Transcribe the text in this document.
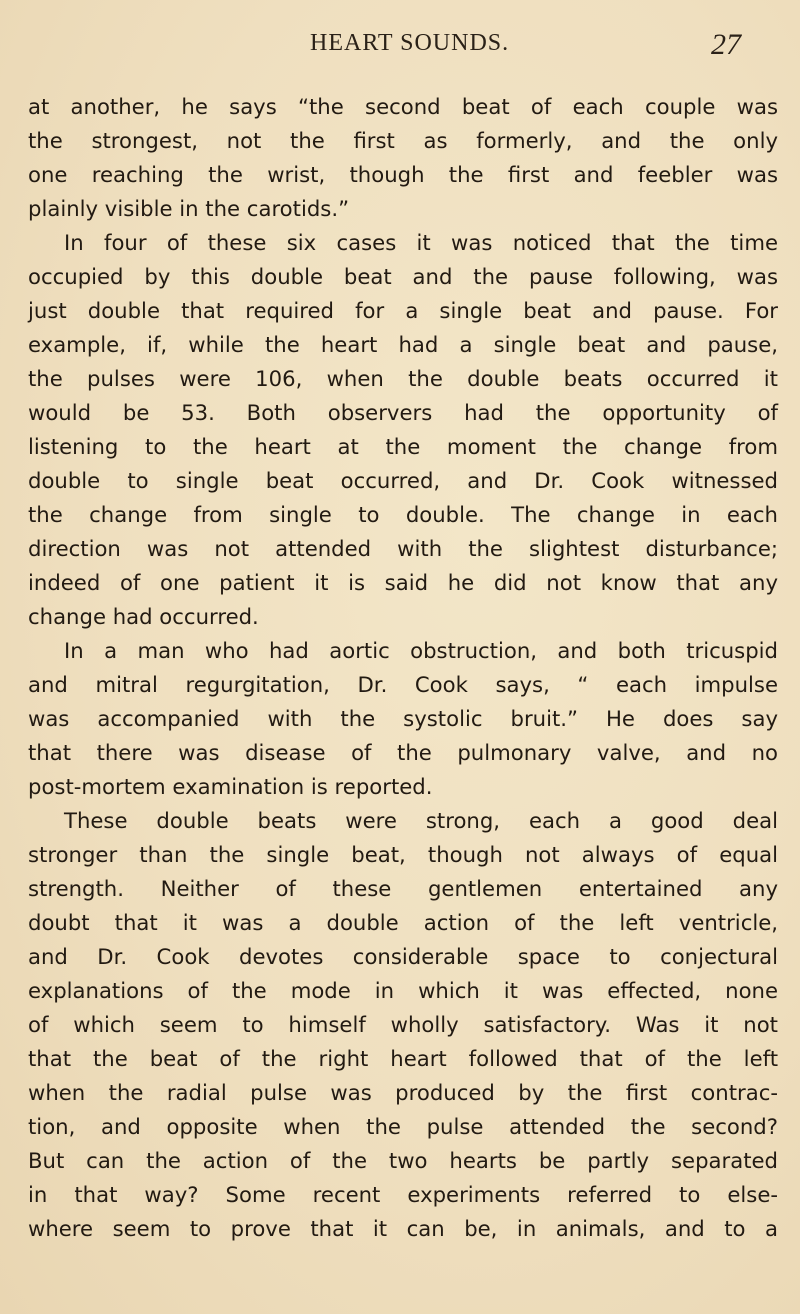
HEART SOUNDS.	27
at another, he says “the second beat of each couple was
the strongest, not the first as formerly, and the only
one reaching the wrist, though the first and feebler was
plainly visible in the carotids.”
In four of these six cases it was noticed that the time
occupied by this double beat and the pause following, was
just double that required for a single beat and pause. For
example, if, while the heart had a single beat and pause,
the pulses were 106, when the double beats occurred it
would be 53. Both observers had the opportunity of
listening to the heart at the moment the change from
double to single beat occurred, and Dr. Cook witnessed
the change from single to double. The change in each
direction was not attended with the slightest disturbance;
indeed of one patient it is said he did not know that any
change had occurred.
In a man who had aortic obstruction, and both tricuspid
and mitral regurgitation, Dr. Cook says, “ each impulse
was accompanied with the systolic bruit.” He does say
that there was disease of the pulmonary valve, and no
post-mortem examination is reported.
These double beats were strong, each a good deal
stronger than the single beat, though not always of equal
strength. Neither of these gentlemen entertained any
doubt that it was a double action of the left ventricle,
and Dr. Cook devotes considerable space to conjectural
explanations of the mode in which it was effected, none
of which seem to himself wholly satisfactory. Was it not
that the beat of the right heart followed that of the left
when the radial pulse was produced by the first contrac-
tion, and opposite when the pulse attended the second?
But can the action of the two hearts be partly separated
in that way? Some recent experiments referred to else-
where seem to prove that it can be, in animals, and to a
